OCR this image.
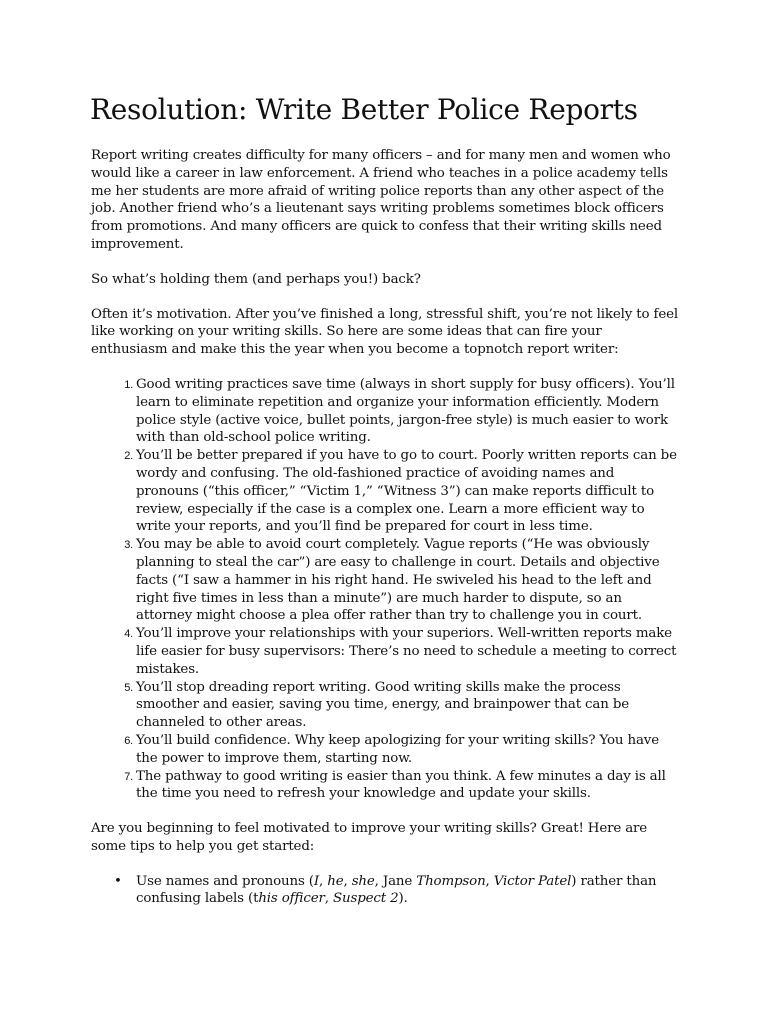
Resolution: Write Better Police Reports

Report writing creates difficulty for many officers – and for many men and women who would like a career in law enforcement. A friend who teaches in a police academy tells me her students are more afraid of writing police reports than any other aspect of the job. Another friend who’s a lieutenant says writing problems sometimes block officers from promotions. And many officers are quick to confess that their writing skills need improvement.

So what’s holding them (and perhaps you!) back?

Often it’s motivation. After you’ve finished a long, stressful shift, you’re not likely to feel like working on your writing skills. So here are some ideas that can fire your enthusiasm and make this the year when you become a topnotch report writer:

1. Good writing practices save time (always in short supply for busy officers). You’ll learn to eliminate repetition and organize your information efficiently. Modern police style (active voice, bullet points, jargon-free style) is much easier to work with than old-school police writing.
2. You’ll be better prepared if you have to go to court. Poorly written reports can be wordy and confusing. The old-fashioned practice of avoiding names and pronouns (“this officer,” “Victim 1,” “Witness 3”) can make reports difficult to review, especially if the case is a complex one. Learn a more efficient way to write your reports, and you’ll find be prepared for court in less time.
3. You may be able to avoid court completely. Vague reports (“He was obviously planning to steal the car”) are easy to challenge in court. Details and objective facts (“I saw a hammer in his right hand. He swiveled his head to the left and right five times in less than a minute”) are much harder to dispute, so an attorney might choose a plea offer rather than try to challenge you in court.
4. You’ll improve your relationships with your superiors. Well-written reports make life easier for busy supervisors: There’s no need to schedule a meeting to correct mistakes.
5. You’ll stop dreading report writing. Good writing skills make the process smoother and easier, saving you time, energy, and brainpower that can be channeled to other areas.
6. You’ll build confidence. Why keep apologizing for your writing skills? You have the power to improve them, starting now.
7. The pathway to good writing is easier than you think. A few minutes a day is all the time you need to refresh your knowledge and update your skills.

Are you beginning to feel motivated to improve your writing skills? Great! Here are some tips to help you get started:

• Use names and pronouns (I, he, she, Jane Thompson, Victor Patel) rather than confusing labels (this officer, Suspect 2).
